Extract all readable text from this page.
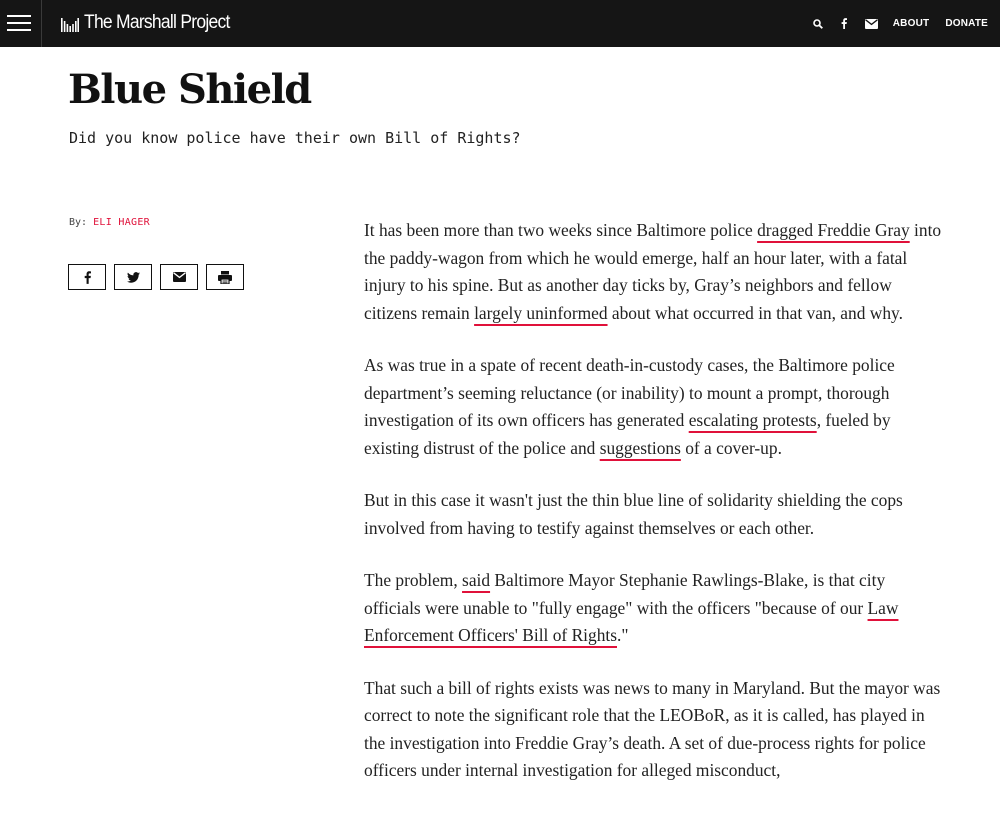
The Marshall Project	ABOUT DONATE
Blue Shield

Did you know police have their own Bill of Rights?

By: ELI HAGER	It has been more than two weeks since Baltimore police dragged Freddie Gray into the paddy-wagon from which he would emerge, half an hour later, with a fatal injury to his spine. But as another day ticks by, Gray’s neighbors and fellow citizens remain largely uninformed about what occurred in that van, and why.

As was true in a spate of recent death-in-custody cases, the Baltimore police department’s seeming reluctance (or inability) to mount a prompt, thorough investigation of its own officers has generated escalating protests, fueled by existing distrust of the police and suggestions of a cover-up.

But in this case it wasn't just the thin blue line of solidarity shielding the cops involved from having to testify against themselves or each other.

The problem, said Baltimore Mayor Stephanie Rawlings-Blake, is that city officials were unable to "fully engage" with the officers "because of our Law Enforcement Officers' Bill of Rights."

That such a bill of rights exists was news to many in Maryland. But the mayor was correct to note the significant role that the LEOBoR, as it is called, has played in the investigation into Freddie Gray’s death. A set of due-process rights for police officers under internal investigation for alleged misconduct,
